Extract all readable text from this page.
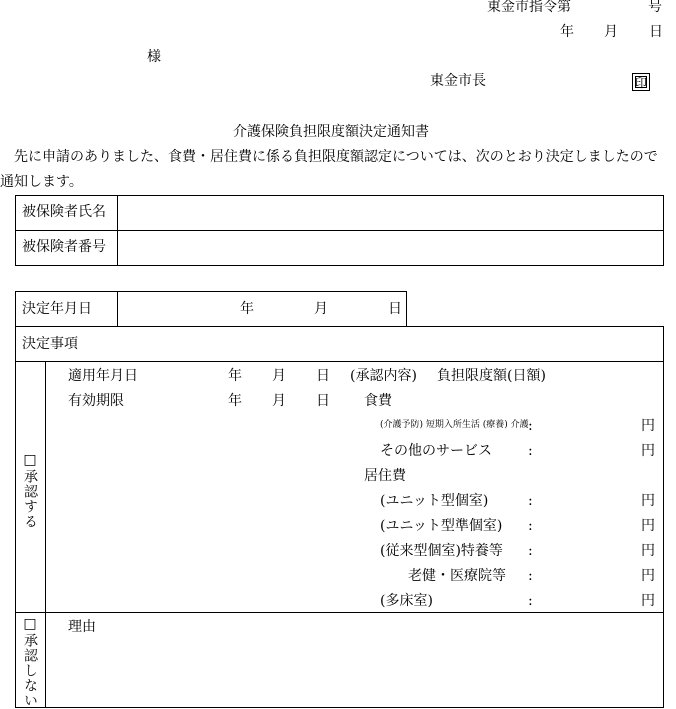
東金市指令第	号
年 月 日
様
東金市長	印
介護保険負担限度額決定通知書
先に申請のありました、食費・居住費に係る負担限度額認定については、次のとおり決定しましたので
通知します。
被保険者氏名
被保険者番号
決定年月日	年	月	日
決定事項
□承認する
適用年月日	年 月 日 (承認内容) 負担限度額(日額)
有効期限	年 月 日 食費
(介護予防) 短期入所生活 (療養) 介護 :	円
その他のサービス	:	円
居住費
(ユニット型個室)	:	円
(ユニット型準個室) :	円
(従来型個室)特養等 :	円
老健・医療院等 :	円
(多床室)	:	円
□承認しない 理由
